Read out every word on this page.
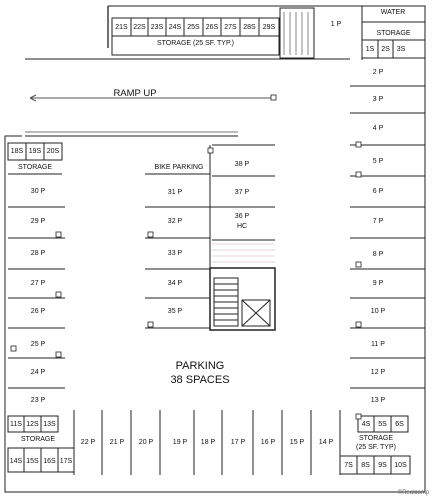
WATER
STORAGE (25 SF. TYP.)
STORAGE
RAMP UP
BIKE PARKING
STORAGE
21S 22S 23S 24S 25S 26S 27S 28S	29S
1S 2S 3S
18S 19S 20S
1 P
2 P
3 P
4 P
5 P
6 P
7 P
8 P
9 P
10 P
11 P
12 P
13 P
38 P
37 P
36 P
HC
31 P
32 P
33 P
34 P
35 P
30 P
29 P
28 P
27 P
26 P
25 P
24 P
23 P
PARKING
38 SPACES
11S 12S 13S
STORAGE
14S 15S 16S 17S
22 P	21 P	20 P	19 P	18 P	17 P	16 P	15 P	14 P
4S	5S	6S
STORAGE
(25 SF. TYP)
7S	8S	9S	10S
©Realcomp
